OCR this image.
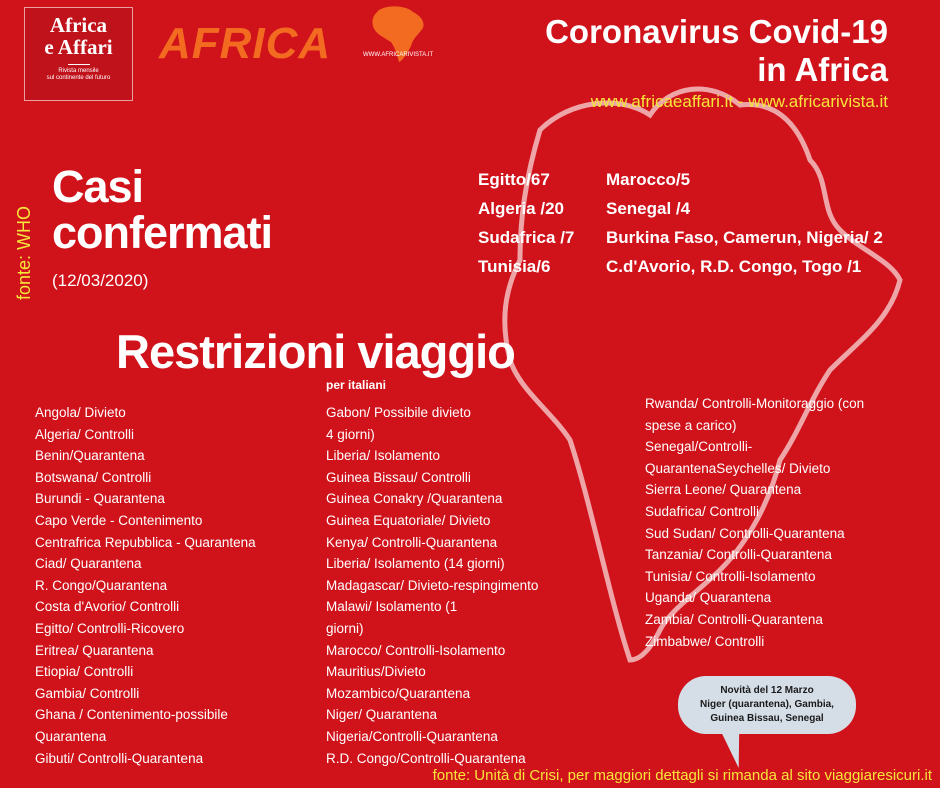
Africa
e Affari
Rivista mensile
sul continente del futuro
AFRICA	WWW.AFRICARIVISTA.IT
Coronavirus Covid-19
in Africa
www.africaeaffari.it - www.africarivista.it
fonte: WHO
Casi
confermati
(12/03/2020)
Egitto/67
Algeria /20
Sudafrica /7
Tunisia/6
Marocco/5
Senegal /4
Burkina Faso, Camerun, Nigeria/ 2
C.d'Avorio, R.D. Congo, Togo /1
Restrizioni viaggio
per italiani
Angola/ Divieto
Algeria/ Controlli
Benin/Quarantena
Botswana/ Controlli
Burundi - Quarantena
Capo Verde - Contenimento
Centrafrica Repubblica - Quarantena
Ciad/ Quarantena
R. Congo/Quarantena
Costa d'Avorio/ Controlli
Egitto/ Controlli-Ricovero
Eritrea/ Quarantena
Etiopia/ Controlli
Gambia/ Controlli
Ghana / Contenimento-possibile
Quarantena
Gibuti/ Controlli-Quarantena
Gabon/ Possibile divieto
4 giorni)
Liberia/ Isolamento
Guinea Bissau/ Controlli
Guinea Conakry /Quarantena
Guinea Equatoriale/ Divieto
Kenya/ Controlli-Quarantena
Liberia/ Isolamento (14 giorni)
Madagascar/ Divieto-respingimento
Malawi/ Isolamento (1
giorni)
Marocco/ Controlli-Isolamento
Mauritius/Divieto
Mozambico/Quarantena
Niger/ Quarantena
Nigeria/Controlli-Quarantena
R.D. Congo/Controlli-Quarantena
Rwanda/ Controlli-Monitoraggio (con
spese a carico)
Senegal/Controlli-
QuarantenaSeychelles/ Divieto
Sierra Leone/ Quarantena
Sudafrica/ Controlli
Sud Sudan/ Controlli-Quarantena
Tanzania/ Controlli-Quarantena
Tunisia/ Controlli-Isolamento
Uganda/ Quarantena
Zambia/ Controlli-Quarantena
Zimbabwe/ Controlli
Novità del 12 Marzo
Niger (quarantena), Gambia,
Guinea Bissau, Senegal
fonte: Unità di Crisi, per maggiori dettagli si rimanda al sito viaggiaresicuri.it
